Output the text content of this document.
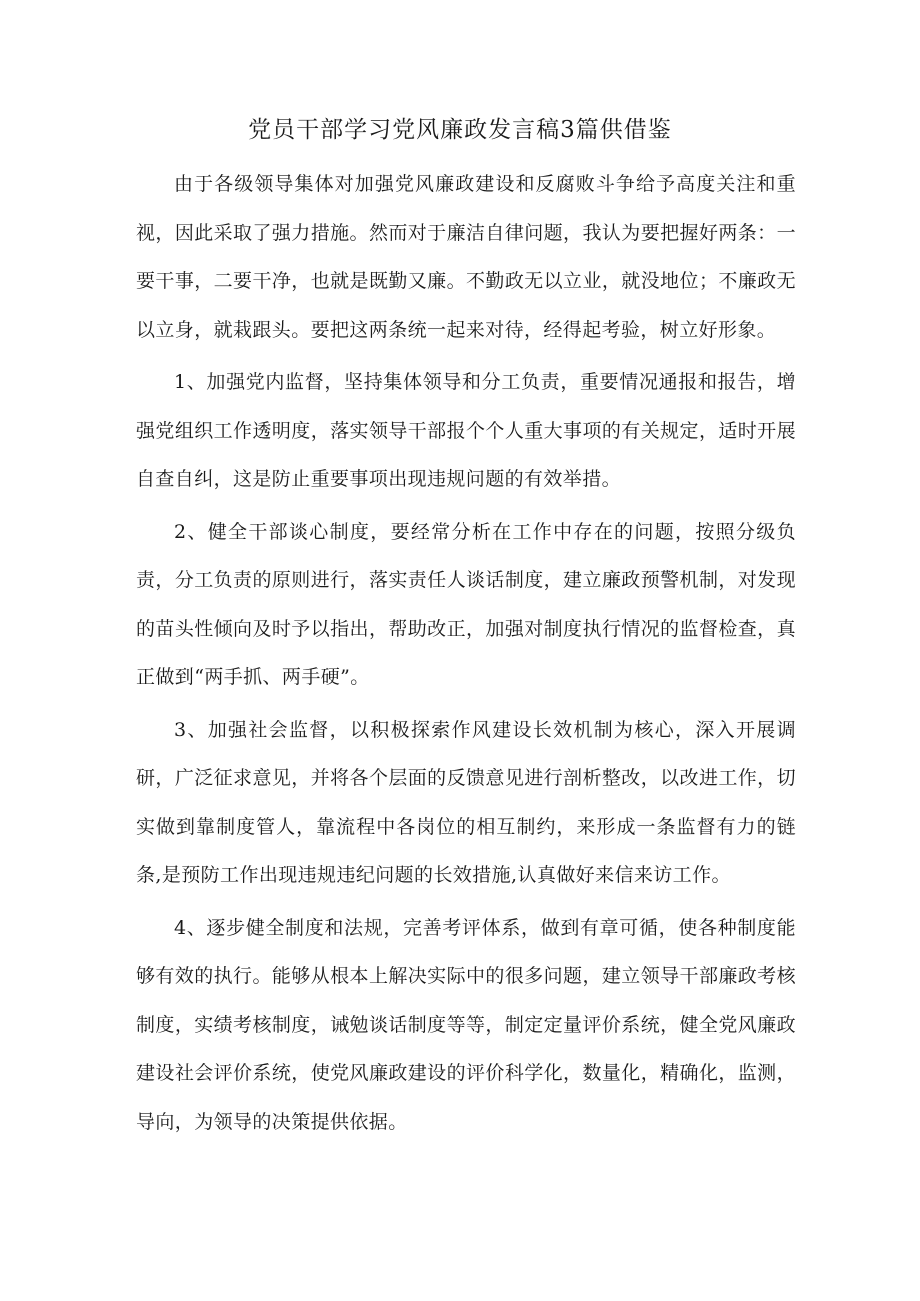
党员干部学习党风廉政发言稿3篇供借鉴

由于各级领导集体对加强党风廉政建设和反腐败斗争给予高度关注和重视，因此采取了强力措施。然而对于廉洁自律问题，我认为要把握好两条：一要干事，二要干净，也就是既勤又廉。不勤政无以立业，就没地位；不廉政无以立身，就栽跟头。要把这两条统一起来对待，经得起考验，树立好形象。

1、加强党内监督，坚持集体领导和分工负责，重要情况通报和报告，增强党组织工作透明度，落实领导干部报个个人重大事项的有关规定，适时开展自查自纠，这是防止重要事项出现违规问题的有效举措。

2、健全干部谈心制度，要经常分析在工作中存在的问题，按照分级负责，分工负责的原则进行，落实责任人谈话制度，建立廉政预警机制，对发现的苗头性倾向及时予以指出，帮助改正，加强对制度执行情况的监督检查，真正做到“两手抓、两手硬”。

3、加强社会监督，以积极探索作风建设长效机制为核心，深入开展调研，广泛征求意见，并将各个层面的反馈意见进行剖析整改，以改进工作，切实做到靠制度管人，靠流程中各岗位的相互制约，来形成一条监督有力的链条,是预防工作出现违规违纪问题的长效措施,认真做好来信来访工作。

4、逐步健全制度和法规，完善考评体系，做到有章可循，使各种制度能够有效的执行。能够从根本上解决实际中的很多问题，建立领导干部廉政考核制度，实绩考核制度，诫勉谈话制度等等，制定定量评价系统，健全党风廉政建设社会评价系统，使党风廉政建设的评价科学化，数量化，精确化，监测，导向，为领导的决策提供依据。
